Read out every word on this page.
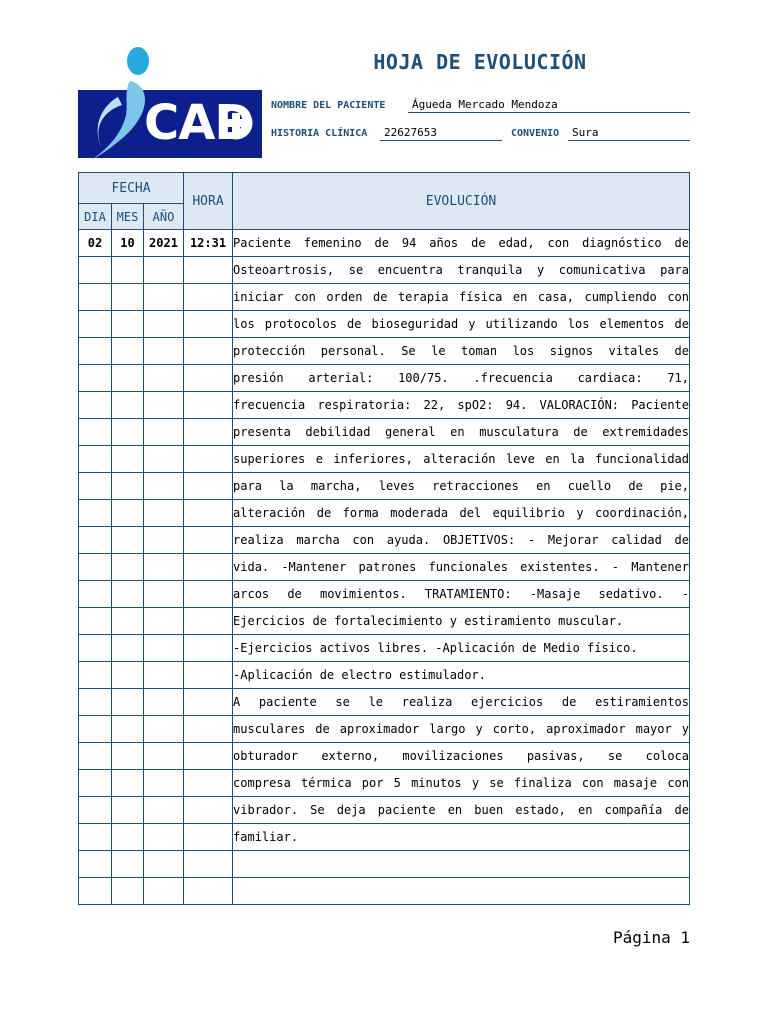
CAD
HOJA DE EVOLUCIÓN
NOMBRE DEL PACIENTE Águeda Mercado Mendoza
HISTORIA CLÍNICA 22627653	CONVENIO Sura
FECHA			HORA	EVOLUCIÓN
DIA	MES	AÑO		
02	10	2021	12:31	Paciente femenino de 94 años de edad, con diagnóstico de
				Osteoartrosis, se encuentra tranquila y comunicativa para
				iniciar con orden de terapia física en casa, cumpliendo con
				los protocolos de bioseguridad y utilizando los elementos de
				protección personal. Se le toman los signos vitales de
				presión arterial: 100/75. .frecuencia cardiaca: 71,
				frecuencia respiratoria: 22, spO2: 94. VALORACIÓN: Paciente
				presenta debilidad general en musculatura de extremidades
				superiores e inferiores, alteración leve en la funcionalidad
				para la marcha, leves retracciones en cuello de pie,
				alteración de forma moderada del equilibrio y coordinación,
				realiza marcha con ayuda. OBJETIVOS: - Mejorar calidad de
				vida. -Mantener patrones funcionales existentes. - Mantener
				arcos de movimientos. TRATAMIENTO: -Masaje sedativo. -
				Ejercicios de fortalecimiento y estiramiento muscular.
				-Ejercicios activos libres. -Aplicación de Medio físico.
				-Aplicación de electro estimulador.
				A paciente se le realiza ejercicios de estiramientos
				musculares de aproximador largo y corto, aproximador mayor y
				obturador externo, movilizaciones pasivas, se coloca
				compresa térmica por 5 minutos y se finaliza con masaje con
				vibrador. Se deja paciente en buen estado, en compañía de
				familiar.

Página 1
